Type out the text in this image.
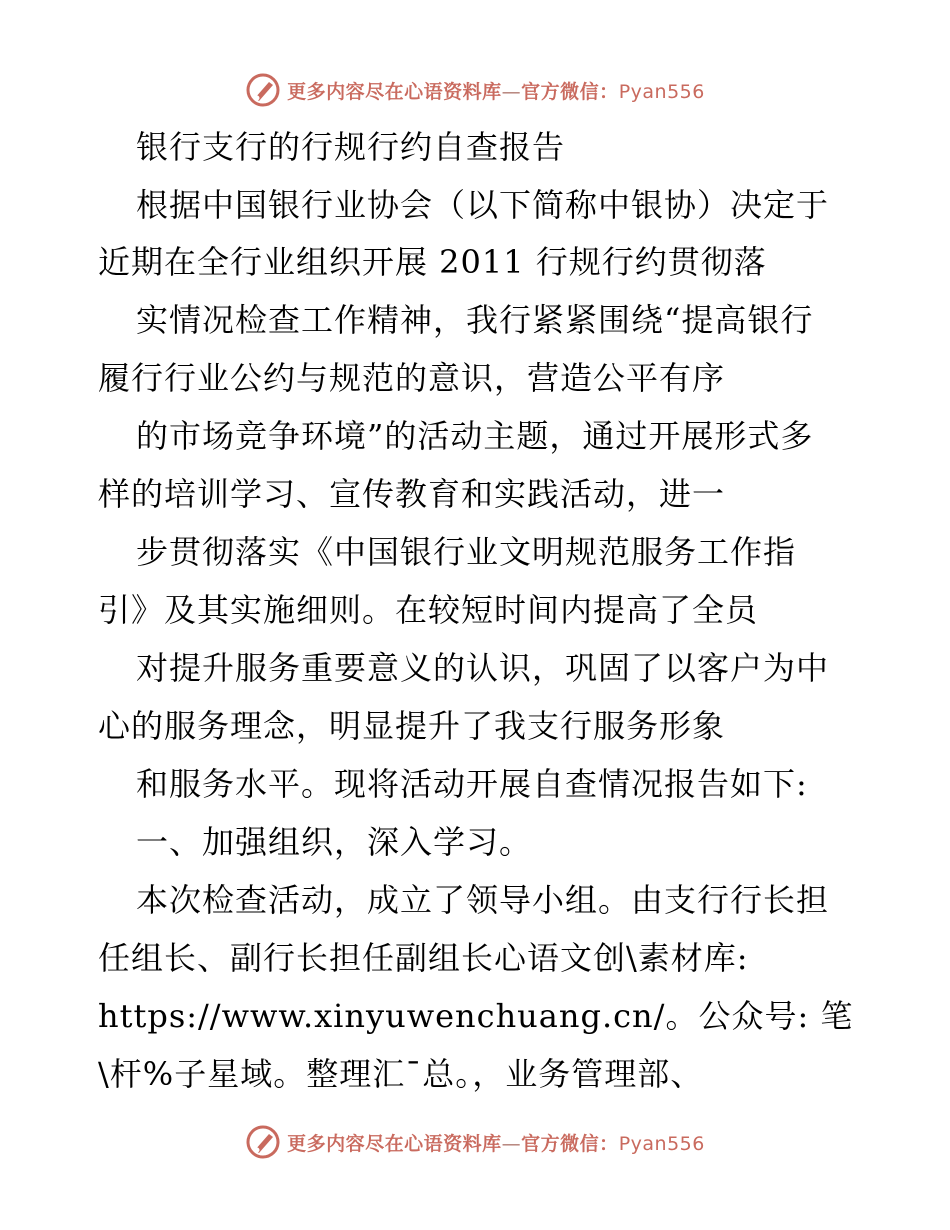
更多内容尽在心语资料库—官方微信：Pyan556
银行支行的行规行约自查报告
根据中国银行业协会（以下简称中银协）决定于
近期在全行业组织开展 2011 行规行约贯彻落
实情况检查工作精神，我行紧紧围绕“提高银行
履行行业公约与规范的意识，营造公平有序
的市场竞争环境”的活动主题，通过开展形式多
样的培训学习、宣传教育和实践活动，进一
步贯彻落实《中国银行业文明规范服务工作指
引》及其实施细则。在较短时间内提高了全员
对提升服务重要意义的认识，巩固了以客户为中
心的服务理念，明显提升了我支行服务形象
和服务水平。现将活动开展自查情况报告如下:
一、加强组织，深入学习。
本次检查活动，成立了领导小组。由支行行长担
任组长、副行长担任副组长心语文创\素材库:
https://www.xinyuwenchuang.cn/。公众号: 笔
\杆%子星域。整理汇¯总。，业务管理部、
更多内容尽在心语资料库—官方微信：Pyan556
